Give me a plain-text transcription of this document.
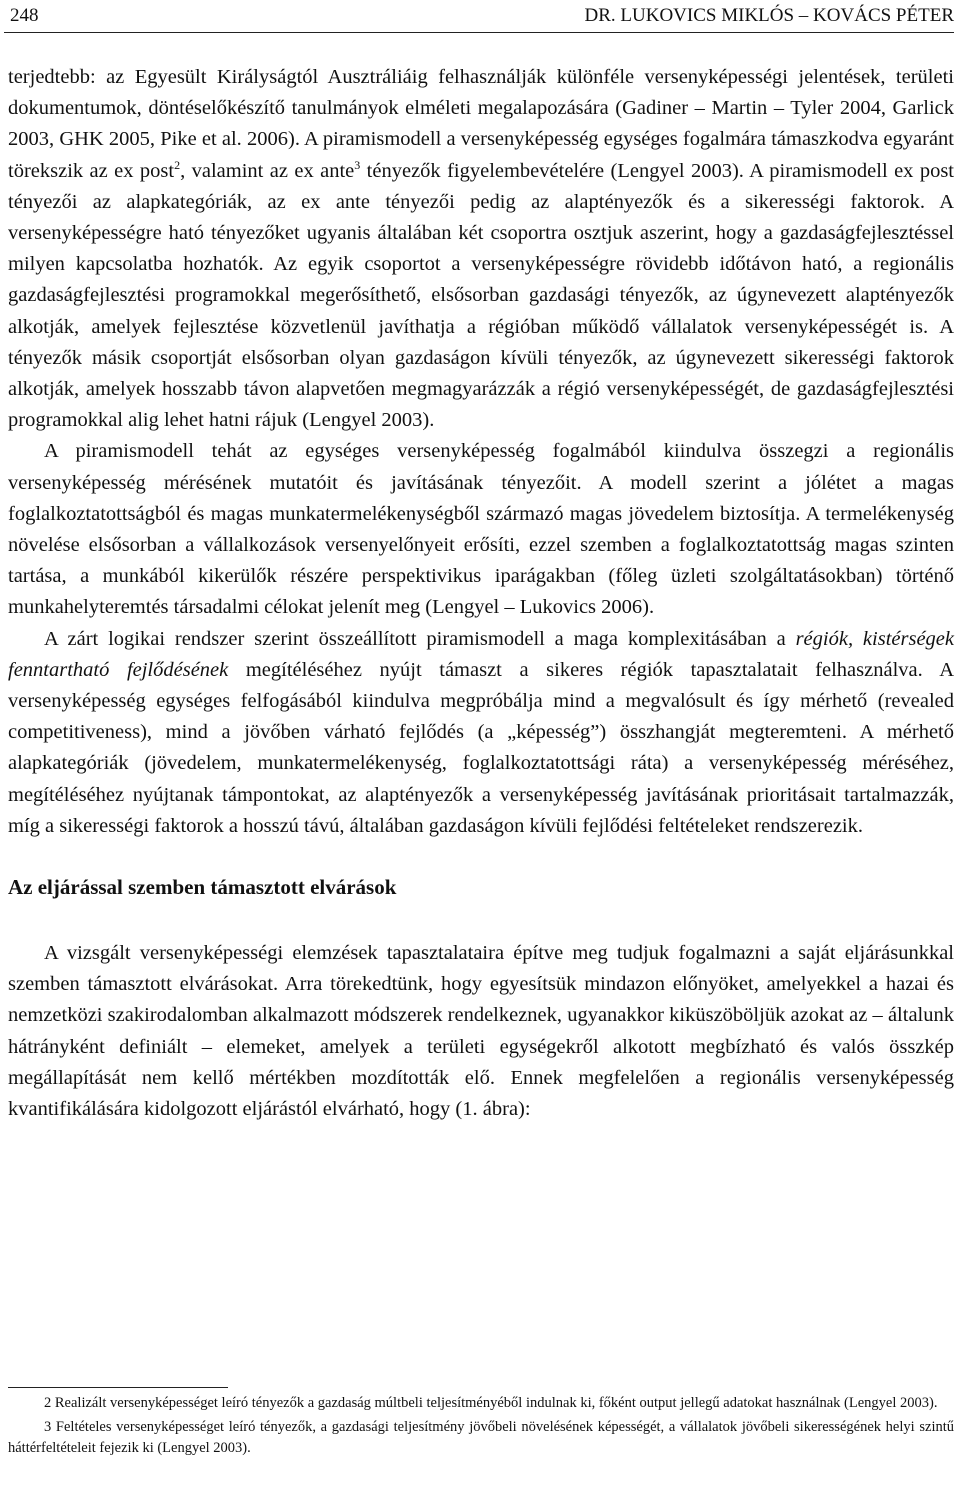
248	DR. LUKOVICS MIKLÓS – KOVÁCS PÉTER

terjedtebb: az Egyesült Királyságtól Ausztráliáig felhasználják különféle versenyképességi jelentések, területi dokumentumok, döntéselőkészítő tanulmányok elméleti megalapozására (Gadiner – Martin – Tyler 2004, Garlick 2003, GHK 2005, Pike et al. 2006). A piramismodell a versenyképesség egységes fogalmára támaszkodva egyaránt törekszik az ex post$^2$, valamint az ex ante$^3$ tényezők figyelembevételére (Lengyel 2003). A piramismodell ex post tényezői az alapkategóriák, az ex ante tényezői pedig az alaptényezők és a sikerességi faktorok. A versenyképességre ható tényezőket ugyanis általában két csoportra osztjuk aszerint, hogy a gazdaságfejlesztéssel milyen kapcsolatba hozhatók. Az egyik csoportot a versenyképességre rövidebb időtávon ható, a regionális gazdaságfejlesztési programokkal megerősíthető, elsősorban gazdasági tényezők, az úgynevezett alaptényezők alkotják, amelyek fejlesztése közvetlenül javíthatja a régióban működő vállalatok versenyképességét is. A tényezők másik csoportját elsősorban olyan gazdaságon kívüli tényezők, az úgynevezett sikerességi faktorok alkotják, amelyek hosszabb távon alapvetően megmagyarázzák a régió versenyképességét, de gazdaságfejlesztési programokkal alig lehet hatni rájuk (Lengyel 2003).

A piramismodell tehát az egységes versenyképesség fogalmából kiindulva összegzi a regionális versenyképesség mérésének mutatóit és javításának tényezőit. A modell szerint a jólétet a magas foglalkoztatottságból és magas munkatermelékenységből származó magas jövedelem biztosítja. A termelékenység növelése elsősorban a vállalkozások versenyelőnyeit erősíti, ezzel szemben a foglalkoztatottság magas szinten tartása, a munkából kikerülők részére perspektivikus iparágakban (főleg üzleti szolgáltatásokban) történő munkahelyteremtés társadalmi célokat jelenít meg (Lengyel – Lukovics 2006).

A zárt logikai rendszer szerint összeállított piramismodell a maga komplexitásában a régiók, kistérségek fenntartható fejlődésének megítéléséhez nyújt támaszt a sikeres régiók tapasztalatait felhasználva. A versenyképesség egységes felfogásából kiindulva megpróbálja mind a megvalósult és így mérhető (revealed competitiveness), mind a jövőben várható fejlődés (a „képesség”) összhangját megteremteni. A mérhető alapkategóriák (jövedelem, munkatermelékenység, foglalkoztatottsági ráta) a versenyképesség méréséhez, megítéléséhez nyújtanak támpontokat, az alaptényezők a versenyképesség javításának prioritásait tartalmazzák, míg a sikerességi faktorok a hosszú távú, általában gazdaságon kívüli fejlődési feltételeket rendszerezik.

Az eljárással szemben támasztott elvárások

A vizsgált versenyképességi elemzések tapasztalataira építve meg tudjuk fogalmazni a saját eljárásunkkal szemben támasztott elvárásokat. Arra törekedtünk, hogy egyesítsük mindazon előnyöket, amelyekkel a hazai és nemzetközi szakirodalomban alkalmazott módszerek rendelkeznek, ugyanakkor kiküszöböljük azokat az – általunk hátrányként definiált – elemeket, amelyek a területi egységekről alkotott megbízható és valós összkép megállapítását nem kellő mértékben mozdították elő. Ennek megfelelően a regionális versenyképesség kvantifikálására kidolgozott eljárástól elvárható, hogy (1. ábra):

2 Realizált versenyképességet leíró tényezők a gazdaság múltbeli teljesítményéből indulnak ki, főként output jellegű adatokat használnak (Lengyel 2003).

3 Feltételes versenyképességet leíró tényezők, a gazdasági teljesítmény jövőbeli növelésének képességét, a vállalatok jövőbeli sikerességének helyi szintű háttérfeltételeit fejezik ki (Lengyel 2003).
